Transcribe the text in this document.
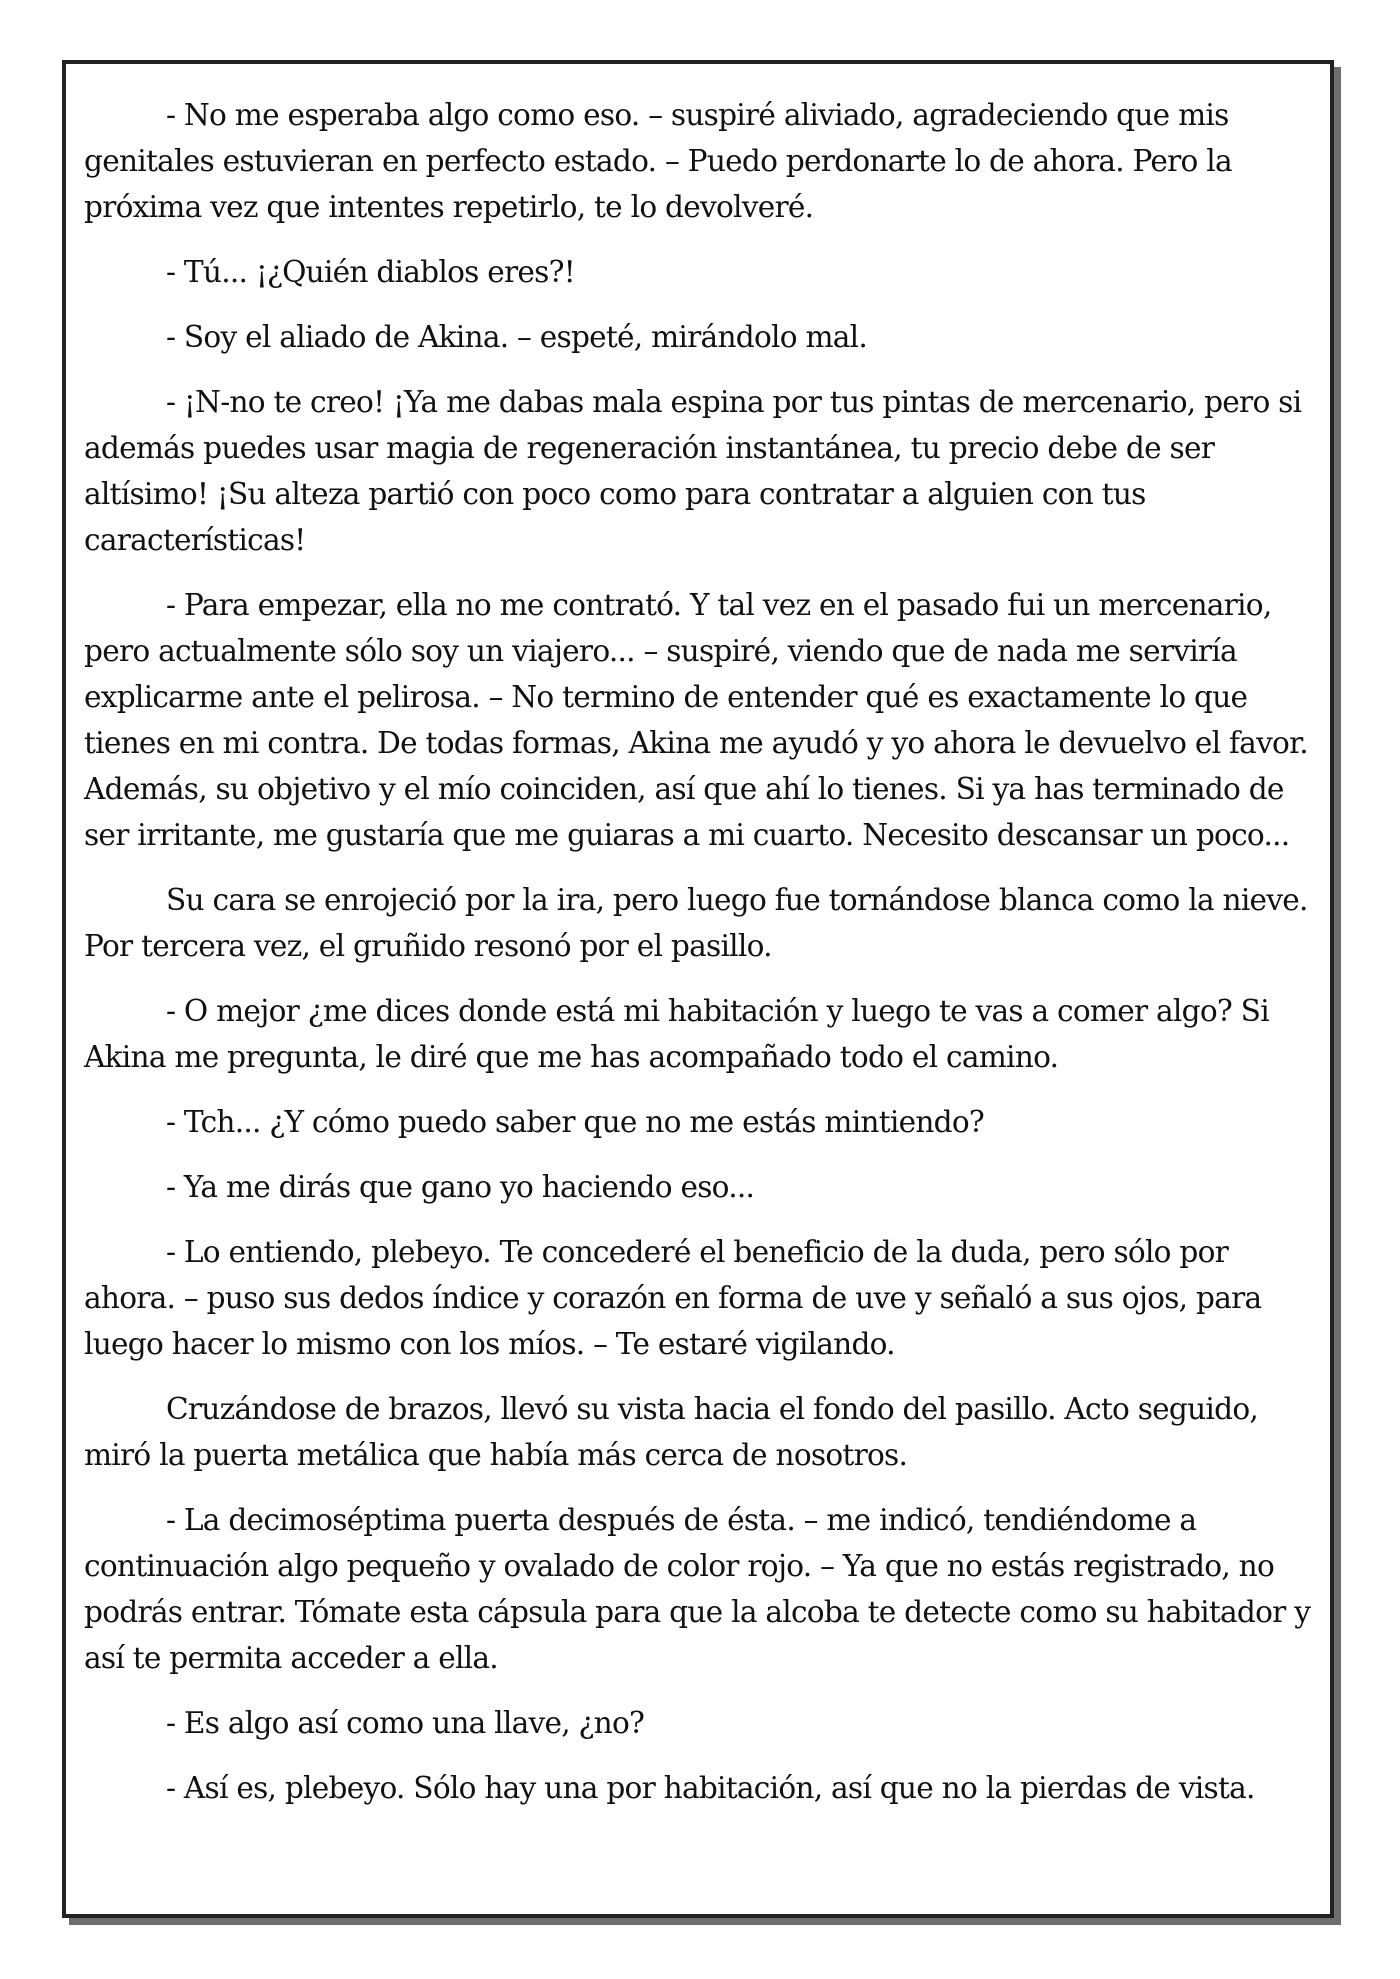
- No me esperaba algo como eso. – suspiré aliviado, agradeciendo que mis genitales estuvieran en perfecto estado. – Puedo perdonarte lo de ahora. Pero la próxima vez que intentes repetirlo, te lo devolveré.

- Tú... ¡¿Quién diablos eres?!

- Soy el aliado de Akina. – espeté, mirándolo mal.

- ¡N-no te creo! ¡Ya me dabas mala espina por tus pintas de mercenario, pero si además puedes usar magia de regeneración instantánea, tu precio debe de ser altísimo! ¡Su alteza partió con poco como para contratar a alguien con tus características!

- Para empezar, ella no me contrató. Y tal vez en el pasado fui un mercenario, pero actualmente sólo soy un viajero... – suspiré, viendo que de nada me serviría explicarme ante el pelirosa. – No termino de entender qué es exactamente lo que tienes en mi contra. De todas formas, Akina me ayudó y yo ahora le devuelvo el favor. Además, su objetivo y el mío coinciden, así que ahí lo tienes. Si ya has terminado de ser irritante, me gustaría que me guiaras a mi cuarto. Necesito descansar un poco...

Su cara se enrojeció por la ira, pero luego fue tornándose blanca como la nieve. Por tercera vez, el gruñido resonó por el pasillo.

- O mejor ¿me dices donde está mi habitación y luego te vas a comer algo? Si Akina me pregunta, le diré que me has acompañado todo el camino.

- Tch... ¿Y cómo puedo saber que no me estás mintiendo?

- Ya me dirás que gano yo haciendo eso...

- Lo entiendo, plebeyo. Te concederé el beneficio de la duda, pero sólo por ahora. – puso sus dedos índice y corazón en forma de uve y señaló a sus ojos, para luego hacer lo mismo con los míos. – Te estaré vigilando.

Cruzándose de brazos, llevó su vista hacia el fondo del pasillo. Acto seguido, miró la puerta metálica que había más cerca de nosotros.

- La decimoséptima puerta después de ésta. – me indicó, tendiéndome a continuación algo pequeño y ovalado de color rojo. – Ya que no estás registrado, no podrás entrar. Tómate esta cápsula para que la alcoba te detecte como su habitador y así te permita acceder a ella.

- Es algo así como una llave, ¿no?

- Así es, plebeyo. Sólo hay una por habitación, así que no la pierdas de vista.
